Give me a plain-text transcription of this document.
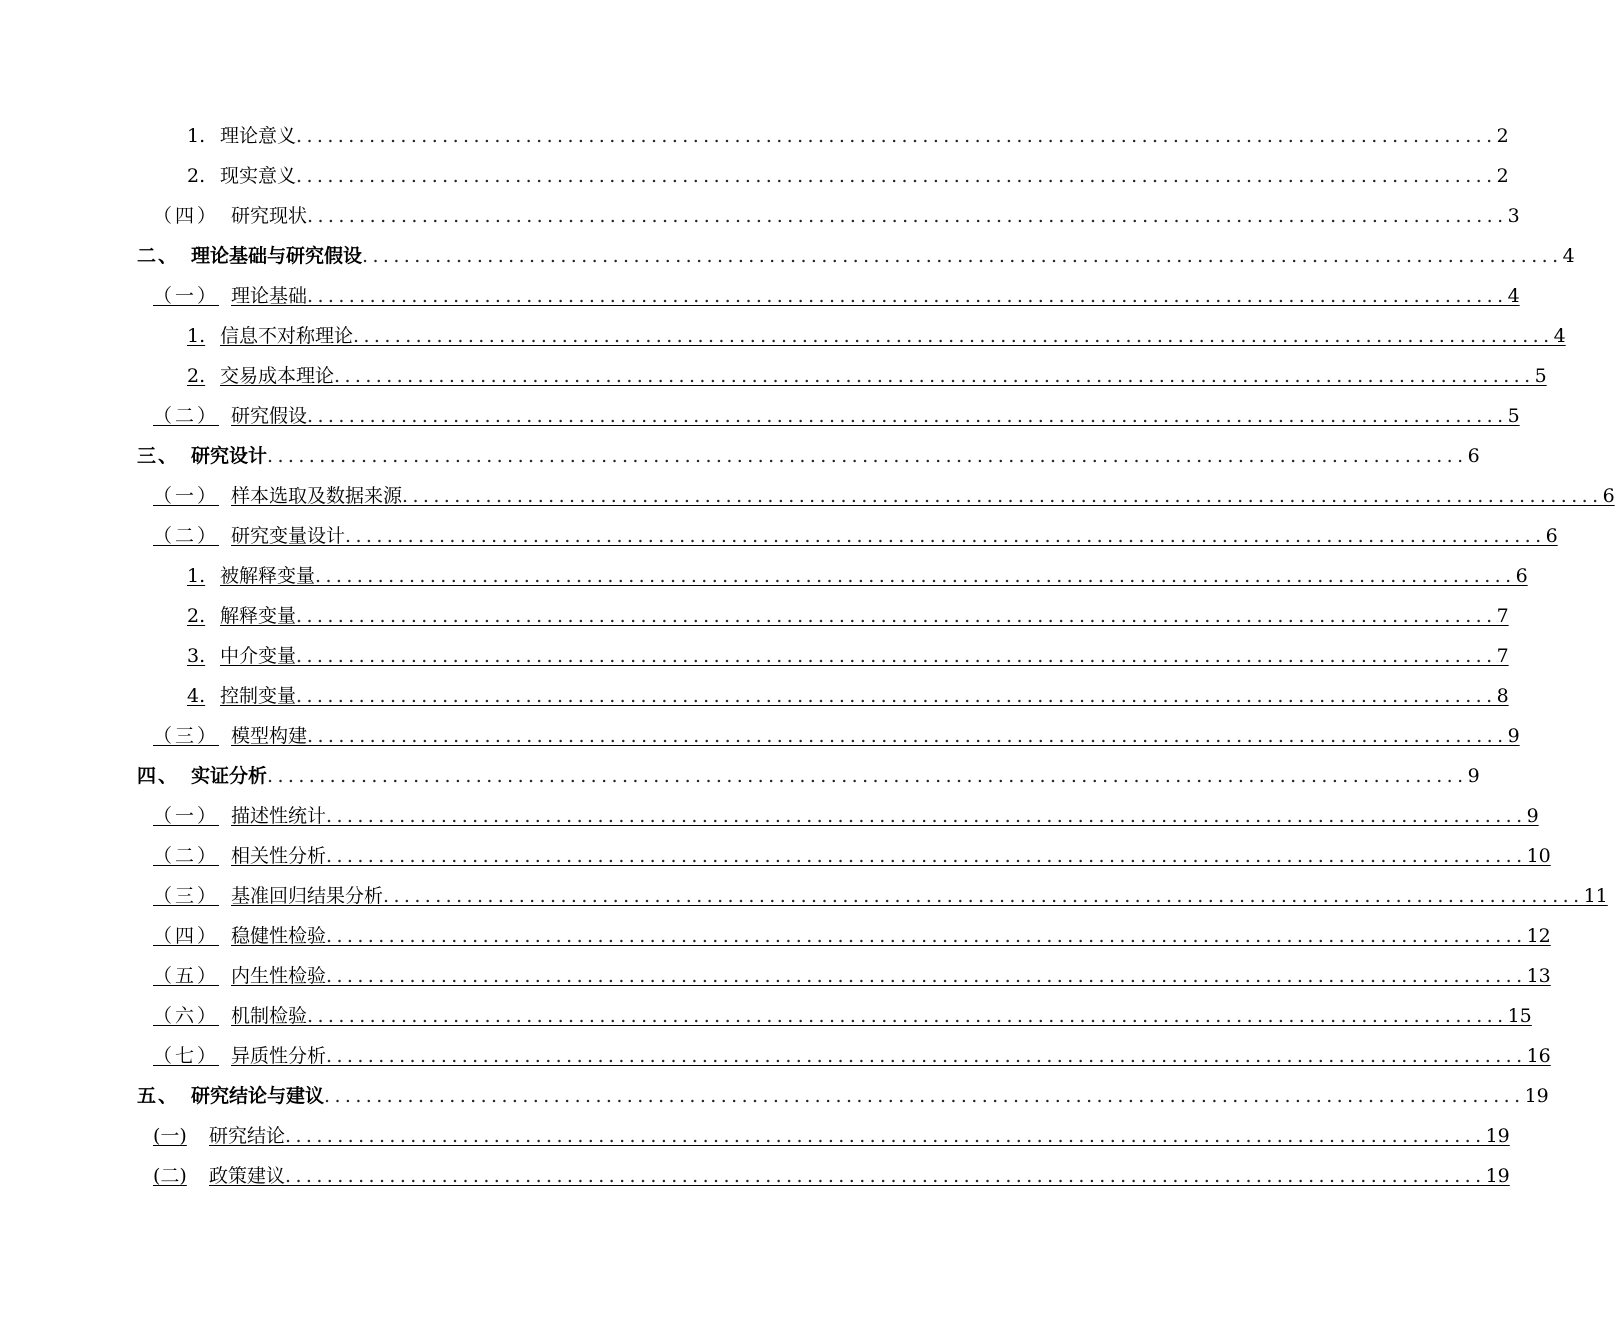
1. 理论意义 ................................................................................................................... 2
2. 现实意义 ................................................................................................................... 2
（四） 研究现状 ................................................................................................................... 3
二、 理论基础与研究假设 ................................................................................................................... 4
（一） 理论基础 ................................................................................................................... 4
1. 信息不对称理论 ................................................................................................................... 4
2. 交易成本理论 ................................................................................................................... 5
（二） 研究假设 ................................................................................................................... 5
三、 研究设计 ................................................................................................................... 6
（一） 样本选取及数据来源 ................................................................................................................... 6
（二） 研究变量设计 ................................................................................................................... 6
1. 被解释变量 ................................................................................................................... 6
2. 解释变量 ................................................................................................................... 7
3. 中介变量 ................................................................................................................... 7
4. 控制变量 ................................................................................................................... 8
（三） 模型构建 ................................................................................................................... 9
四、 实证分析 ................................................................................................................... 9
（一） 描述性统计 ................................................................................................................... 9
（二） 相关性分析 ................................................................................................................... 10
（三） 基准回归结果分析 ................................................................................................................... 11
（四） 稳健性检验 ................................................................................................................... 12
（五） 内生性检验 ................................................................................................................... 13
（六） 机制检验 ................................................................................................................... 15
（七） 异质性分析 ................................................................................................................... 16
五、 研究结论与建议 ................................................................................................................... 19
(一)	研究结论 ................................................................................................................... 19
(二)	政策建议 ................................................................................................................... 19
